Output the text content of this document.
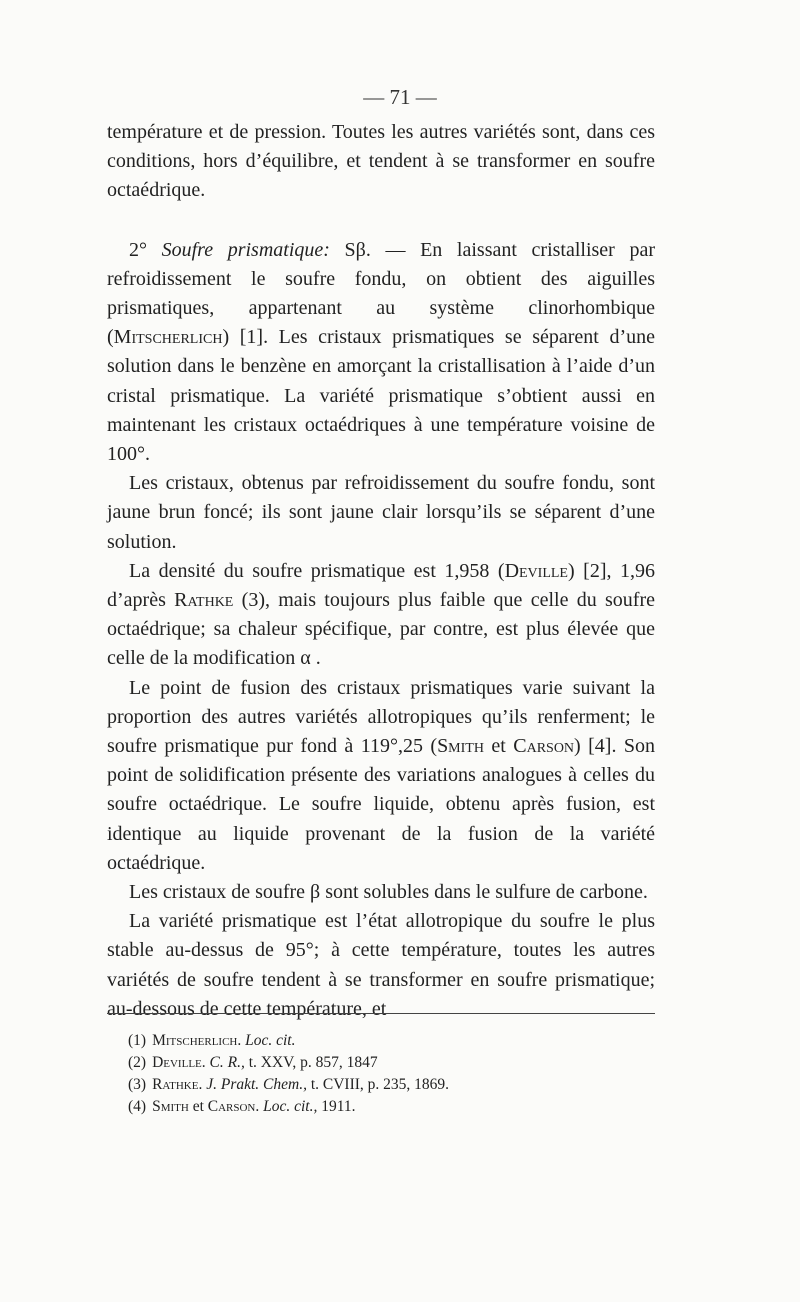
— 71 —

température et de pression. Toutes les autres variétés sont, dans ces conditions, hors d’équilibre, et tendent à se transformer en soufre octaédrique.

2° Soufre prismatique: Sβ. — En laissant cristalliser par refroidissement le soufre fondu, on obtient des aiguilles prismatiques, appartenant au système clinorhombique (Mitscherlich) [1]. Les cristaux prismatiques se séparent d’une solution dans le benzène en amorçant la cristallisation à l’aide d’un cristal prismatique. La variété prismatique s’obtient aussi en maintenant les cristaux octaédriques à une température voisine de 100°.

Les cristaux, obtenus par refroidissement du soufre fondu, sont jaune brun foncé; ils sont jaune clair lorsqu’ils se séparent d’une solution.

La densité du soufre prismatique est 1,958 (Deville) [2], 1,96 d’après Rathke (3), mais toujours plus faible que celle du soufre octaédrique; sa chaleur spécifique, par contre, est plus élevée que celle de la modification α .

Le point de fusion des cristaux prismatiques varie suivant la proportion des autres variétés allotropiques qu’ils renferment; le soufre prismatique pur fond à 119°,25 (Smith et Carson) [4]. Son point de solidification présente des variations analogues à celles du soufre octaédrique. Le soufre liquide, obtenu après fusion, est identique au liquide provenant de la fusion de la variété octaédrique.

Les cristaux de soufre β sont solubles dans le sulfure de carbone.

La variété prismatique est l’état allotropique du soufre le plus stable au-dessus de 95°; à cette température, toutes les autres variétés de soufre tendent à se transformer en soufre prismatique; au-dessous de cette température, et

(1) Mitscherlich. Loc. cit.
(2) Deville. C. R., t. XXV, p. 857, 1847
(3) Rathke. J. Prakt. Chem., t. CVIII, p. 235, 1869.
(4) Smith et Carson. Loc. cit., 1911.
